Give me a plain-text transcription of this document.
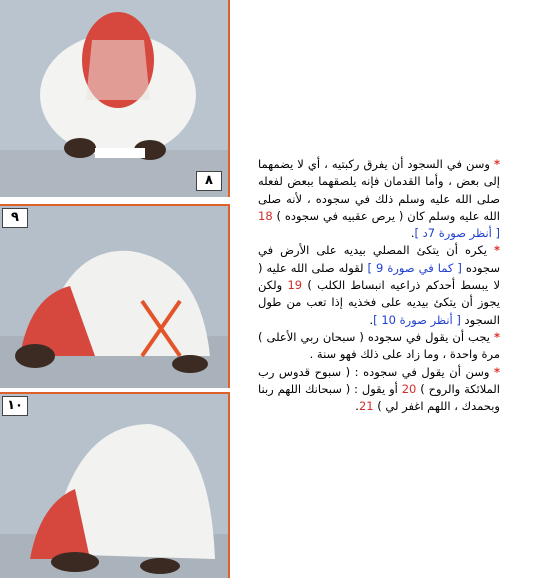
٨
٩
١٠

* وسن في السجود أن يفرق ركبتيه ، أي لا يضمهما إلى بعض ، وأما القدمان فإنه يلصقهما ببعض لفعله صلى الله عليه وسلم ذلك في سجوده ، لأنه صلى الله عليه وسلم كان ( يرص عقبيه في سجوده ) 18 [ أنظر صورة 7د ].

* يكره أن يتكئ المصلي بيديه على الأرض في سجوده [ كما في صورة 9 ] لقوله صلى الله عليه ( لا يبسط أحدكم ذراعيه انبساط الكلب ) 19 ولكن يجوز أن يتكئ بيديه على فخذيه إذا تعب من طول السجود [ أنظر صورة 10 ].

* يجب أن يقول في سجوده ( سبحان ربي الأعلى ) مرة واحدة ، وما زاد على ذلك فهو سنة .

* وسن أن يقول في سجوده : ( سبوح قدوس رب الملائكة والروح ) 20 أو يقول : ( سبحانك اللهم ربنا وبحمدك ، اللهم اغفر لي ) 21.
